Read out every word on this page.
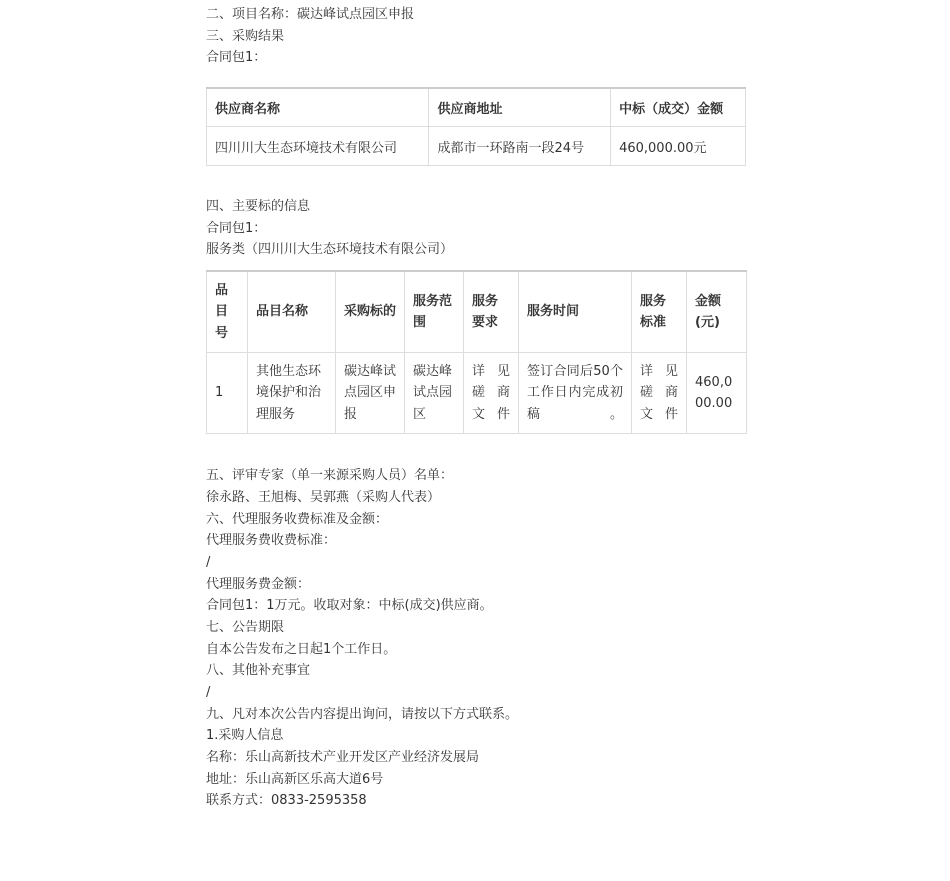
二、项目名称：碳达峰试点园区申报
三、采购结果
合同包1：
供应商名称	供应商地址	中标（成交）金额
四川川大生态环境技术有限公司	成都市一环路南一段24号	460,000.00元
四、主要标的信息
合同包1：
服务类（四川川大生态环境技术有限公司）
品目号	品目名称	采购标的	服务范围	服务要求	服务时间	服务标准	金额(元)
1	其他生态环境保护和治理服务	碳达峰试点园区申报	碳达峰试点园区	详见磋商文件	签订合同后50个工作日内完成初稿。	详见磋商文件	460,000.00
五、评审专家（单一来源采购人员）名单：
徐永路、王旭梅、吴郭燕（采购人代表）
六、代理服务收费标准及金额：
代理服务费收费标准：
/
代理服务费金额：
合同包1：1万元。收取对象：中标(成交)供应商。
七、公告期限
自本公告发布之日起1个工作日。
八、其他补充事宜
/
九、凡对本次公告内容提出询问，请按以下方式联系。
1.采购人信息
名称：乐山高新技术产业开发区产业经济发展局
地址：乐山高新区乐高大道6号
联系方式：0833-2595358
